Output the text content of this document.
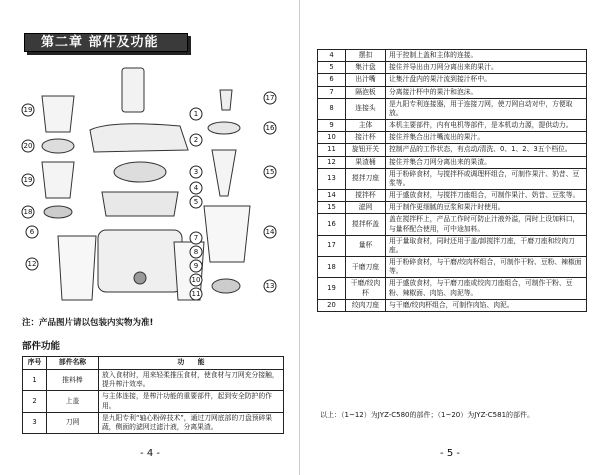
第二章 部件及功能
19
17
20
1
2
16
19
3
4
5
18
15
14
6
7
12
8
9
10
11
13
注：产品图片请以包装内实物为准!
部件功能
序号	部件名称	功　　能
1	推料棒	放入食材时，用来轻柔推压食材，使食材与刀网充分接触，提升榨汁效率。
2	上盖	与主体连接，是榨汁功能的重要部件，起到安全防护的作用。
3	刀网	是九阳专利“轴心粉碎技术”，通过刀网底部的刀盘预碎果蔬，侧面的滤网过滤汁液，分离果渣。
- 4 -
4	摆扣	用于控制上盖和主体的连接。
5	集汁盘	接住并导出由刀网分离出来的果汁。
6	出汁嘴	让集汁盘内的果汁流到接汁杯中。
7	隔泡板	分离接汁杯中的果汁和泡沫。
8	连接头	是九阳专利连接器，用于连接刀网，使刀网自动对中，方便取放。
9	主体	本机主要部件，内有电机等部件，是本机动力源，提供动力。
10	接汁杯	接住并集合出汁嘴流出的果汁。
11	旋钮开关	控制产品的工作状态，有点动/清洗、0、1、2、3五个档位。
12	果渣桶	接住并集合刀网分离出来的果渣。
13	搅拌刀座	用于粉碎食材，与搅拌杯或调理杯组合，可制作果汁、奶昔、豆浆等。
14	搅拌杯	用于盛放食材，与搅拌刀座组合，可制作果汁、奶昔、豆浆等。
15	滤网	用于制作更细腻的豆浆和果汁时使用。
16	搅拌杯盖	盖在搅拌杯上，产品工作时可防止汁液外溢，同时上设加料口，与量杯配合使用，可中途加料。
17	量杯	用于量取食材，同时还用于盖/卸搅拌刀座，干磨刀座和绞肉刀座。
18	干磨刀座	用于粉碎食材，与干磨/绞肉杯组合，可制作干粉、豆粉、辣椒面等。
19	干磨/绞肉杯	用于盛放食材，与干磨刀座或绞肉刀座组合，可制作干粉、豆粉、辣椒面、肉馅、肉泥等。
20	绞肉刀座	与干磨/绞肉杯组合，可制作肉馅、肉泥。
以上：（1~12）为JYZ-C580的部件；（1~20）为JYZ-C581的部件。
- 5 -
